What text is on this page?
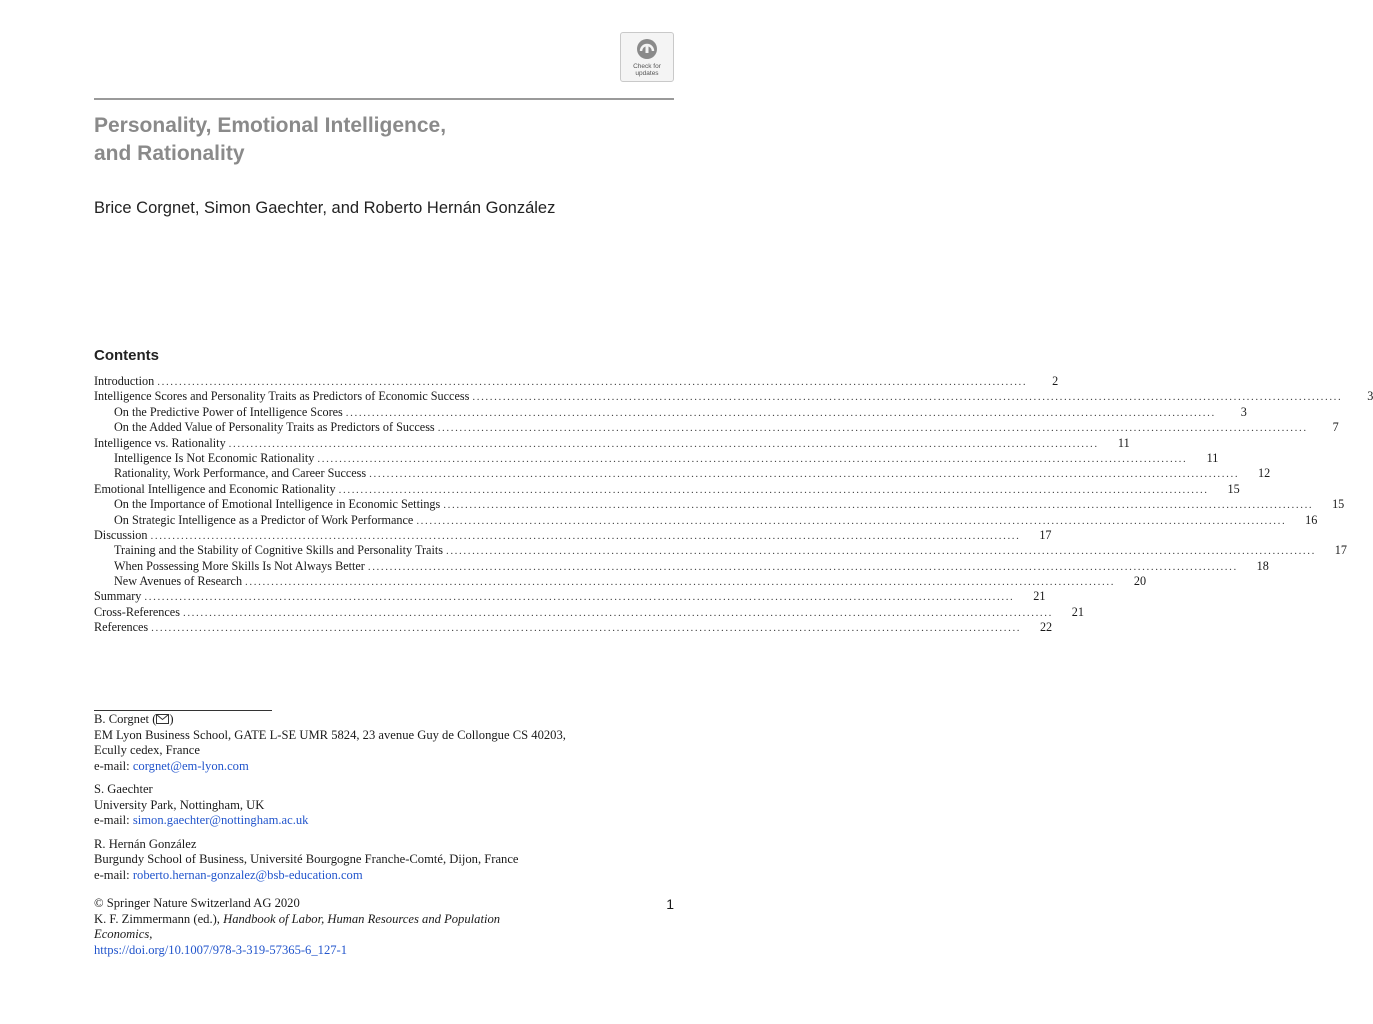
Check for
updates
Personality, Emotional Intelligence,
and Rationality
Brice Corgnet, Simon Gaechter, and Roberto Hernán González
Contents
Introduction ........................................................................................................................................................................................................	2
Intelligence Scores and Personality Traits as Predictors of Economic Success ........................................................................................................................................................................................................	3
On the Predictive Power of Intelligence Scores ........................................................................................................................................................................................................	3
On the Added Value of Personality Traits as Predictors of Success ........................................................................................................................................................................................................	7
Intelligence vs. Rationality ........................................................................................................................................................................................................	11
Intelligence Is Not Economic Rationality ........................................................................................................................................................................................................	11
Rationality, Work Performance, and Career Success ........................................................................................................................................................................................................	12
Emotional Intelligence and Economic Rationality ........................................................................................................................................................................................................	15
On the Importance of Emotional Intelligence in Economic Settings ........................................................................................................................................................................................................	15
On Strategic Intelligence as a Predictor of Work Performance ........................................................................................................................................................................................................	16
Discussion ........................................................................................................................................................................................................	17
Training and the Stability of Cognitive Skills and Personality Traits ........................................................................................................................................................................................................	17
When Possessing More Skills Is Not Always Better ........................................................................................................................................................................................................	18
New Avenues of Research ........................................................................................................................................................................................................	20
Summary ........................................................................................................................................................................................................	21
Cross-References ........................................................................................................................................................................................................	21
References ........................................................................................................................................................................................................	22
B. Corgnet ( )
EM Lyon Business School, GATE L-SE UMR 5824, 23 avenue Guy de Collongue CS 40203,
Ecully cedex, France
e-mail: corgnet@em-lyon.com
S. Gaechter
University Park, Nottingham, UK
e-mail: simon.gaechter@nottingham.ac.uk
R. Hernán González
Burgundy School of Business, Université Bourgogne Franche-Comté, Dijon, France
e-mail: roberto.hernan-gonzalez@bsb-education.com
© Springer Nature Switzerland AG 2020
K. F. Zimmermann (ed.), Handbook of Labor, Human Resources and Population
Economics,
https://doi.org/10.1007/978-3-319-57365-6_127-1
1
